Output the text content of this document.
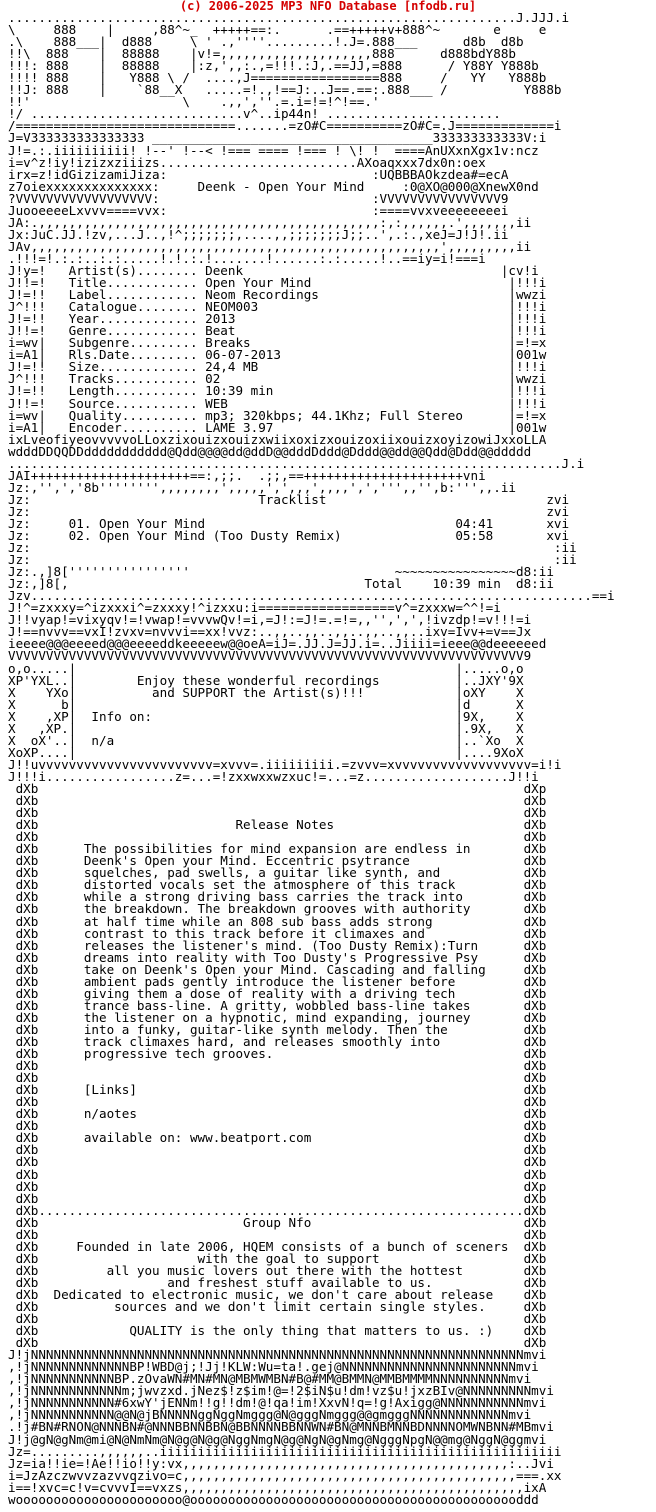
(c) 2006-2025 MP3 NFO Database [nfodb.ru]
...................................................................J.JJJ.i
\     888    |     ,88^~_  +++++==:.      .==+++++v+888^~       e     e
.\    888___|  d888     \ ' .,''''.........!.J=.888___      d8b  d8b
!!\  888    |  88888    |v!=,,,,,,,,,,,,,,,,,,,,888      d888bdY88b
!!!: 888    |  88888    |:z,',,:.,=!!!.:J,.==JJ,=888      / Y88Y Y888b
!!!! 888    |   Y888 \ /  ....,J=================888     /   YY   Y888b
!!J: 888    |    `88__X   .....=!.,!==J:..J==.==:.888___ /          Y888b
!!'                    \    .,,',''.=.i=!=!^!==.'
!/ ............................v^..ip44n! .......................
/=============================.......=zO#C==========zO#C=.J=============i
J=V333333333333333 _____________________________________333333333333V:i
J!=.:.iiiiiiiiii! !--' !--< !=== ==== !=== ! \! !  ====AnUXxnXgx1v:ncz
i=v^z!iy!izizxziiizs..........................AXoaqxxx7dx0n:oex
irx=z!idGizizamiJiza:                           :UQBBBAOkzdea#=ecA
z7oiexxxxxxxxxxxxxx:     Deenk - Open Your Mind     :0@XO@000@XnewX0nd
?VVVVVVVVVVVVVVVVVV:                            :VVVVVVVVVVVVVVVV9
JuooeeeeLxvvv====vvx:                           :====vvxveeeeeeeei
JA:.,,,,,,,,,,,,,,,,,,,,,,,,,,,,,,,,,,,,,,,,,,,,,:,:,,,,,,.',,,,,,,ii
Jx:JuC.JJ.!zv,...J..,!^;;;;;;;,....,,;;;;;;;J;;..',.:.,xeJ=J!J!.ii
JAv,,,,,,,,,,,,,,,,,,,,,,,,,,,,,,,,,,,,,,,,,,,,,,,,,,,,,,',,,,,,,,,ii
.!!!=!.:.:..:.:.....!.!.:.!.......!......:.:.....!..==iy=i!===i
J!y=!   Artist(s)........ Deenk                                  |cv!i
J!!=!   Title............ Open Your Mind                          |!!!i
J!=!!   Label............ Neom Recordings                         |wwzi
J^!!!   Catalogue........ NEOM003                                 |!!!i
J!=!!   Year............. 2013                                    |!!!i
J!!=!   Genre............ Beat                                    |!!!i
i=wv|   Subgenre......... Breaks                                  |=!=x
i=A1|   Rls.Date......... 06-07-2013                              |001w
J!=!!   Size............. 24,4 MB                                 |!!!i
J^!!!   Tracks........... 02                                      |wwzi
J!=!!   Length........... 10:39 min                               |!!!i
J!!=!   Source........... WEB                                     |!!!i
i=wv|   Quality.......... mp3; 320kbps; 44.1Khz; Full Stereo      |=!=x
i=A1|   Encoder.......... LAME 3.97                               |001w
ixLveofiyeovvvvvoLLoxzixouizxouizxwiixoxizxouizoxiixouizxoyizowiJxxoLLA
wdddDDQQDDddddddddddd@Qdd@@@@dd@ddD@@dddDddd@Dddd@@dd@@Qdd@Ddd@@ddddd
.........................................................................J.i
JAI+++++++++++++++++++++==:,;;.  .;;,==+++++++++++++++++++++vni
Jz:,'',','8b'''''''',,,,,,,,',,,,,',',,,',,,,',',''',,'',b:''',,.ii
Jz:                              Tracklist                             zvi
Jz:                                                                    zvi
Jz:     01. Open Your Mind                                 04:41       xvi
Jz:     02. Open Your Mind (Too Dusty Remix)               05:58       xvi
Jz:                                                                     :ii
Jz:                                                                     :ii
Jz:.,]8[''''''''''''''''                           ~~~~~~~~~~~~~~~~d8:ii
Jz:,]8[,                                       Total    10:39 min  d8:ii
Jzv..........................................................................==i
J!^=zxxxy=^izxxxi^=zxxxy!^izxxu:i==================v^=zxxxw=^^!=i
J!!vyap!=vixyqv!=!vwap!=vvvwQv!=i,=J!:=J!=.=!=,,'',',',!ivzdp!=v!!!=i
J!==nvvv==vxI!zvxv=nvvvi==xx!vvz:..,,..,,..,,..,,..,,..ixv=Ivv+=v==Jx
ieeee@@@eeeed@@@eeeeddkeeeeew@@oeA=iJ=.JJ.J=JJ.i=..Jiiii=ieee@@deeeeeed
VVVVVVVVVVVVVVVVVVVVVVVVVVVVVVVVVVVVVVVVVVVVVVVVVVVVVVVVVVVVVVVVVVVV9
o,o.....|                                                  |.....o,o
XP'YXL..|        Enjoy these wonderful recordings          |..JXY'9X
X    YXo|          and SUPPORT the Artist(s)!!!            |oXY    X
X      b|                                                  |d      X
X    ,XP|  Info on:                                        |9X,    X
X   ,XP.|                                                  |.9X,   X
X  oX'..|  n/a                                             |..`Xo  X
XoXP....|                                                  |....9XoX
J!!uvvvvvvvvvvvvvvvvvvvvvvv=xvvv=.iiiiiiiii.=zvvv=xvvvvvvvvvvvvvvvvvv=i!i
J!!!i.................z=...=!zxxwxxwzxuc!=...=z...................J!!i
dXb                                                                dXp
dXb                                                                dXb
dXb                                                                dXb
dXb                          Release Notes                         dXb
dXb                                                                dXb
dXb      The possibilities for mind expansion are endless in       dXb
dXb      Deenk's Open your Mind. Eccentric psytrance               dXb
dXb      squelches, pad swells, a guitar like synth, and           dXb
dXb      distorted vocals set the atmosphere of this track         dXb
dXb      while a strong driving bass carries the track into        dXb
dXb      the breakdown. The breakdown grooves with authority       dXb
dXb      at half time while an 808 sub bass adds strong            dXb
dXb      contrast to this track before it climaxes and             dXb
dXb      releases the listener's mind. (Too Dusty Remix):Turn      dXb
dXb      dreams into reality with Too Dusty's Progressive Psy      dXb
dXb      take on Deenk's Open your Mind. Cascading and falling     dXb
dXb      ambient pads gently introduce the listener before         dXb
dXb      giving them a dose of reality with a driving tech         dXb
dXb      trance bass-line. A gritty, wobbled bass-line takes       dXb
dXb      the listener on a hypnotic, mind expanding, journey       dXb
dXb      into a funky, guitar-like synth melody. Then the          dXb
dXb      track climaxes hard, and releases smoothly into           dXb
dXb      progressive tech grooves.                                 dXb
dXb                                                                dXb
dXb                                                                dXb
dXb      [Links]                                                   dXb
dXb                                                                dXb
dXb      n/aotes                                                   dXb
dXb                                                                dXb
dXb      available on: www.beatport.com                            dXb
dXb                                                                dXb
dXb                                                                dXb
dXb                                                                dXb
dXb                                                                dXp
dXb                                                                dXb
dXb................................................................dXb
dXb                           Group Nfo                            dXb
dXb                                                                dXb
dXb     Founded in late 2006, HQEM consists of a bunch of sceners  dXb
dXb                     with the goal to support                   dXb
dXb         all you music lovers out there with the hottest        dXb
dXb                 and freshest stuff available to us.            dXb
dXb  Dedicated to electronic music, we don't care about release    dXb
dXb          sources and we don't limit certain single styles.     dXb
dXb                                                                dXb
dXb            QUALITY is the only thing that matters to us. :)    dXb
dXb                                                                dXb
J!jNNNNNNNNNNNNNNNNNNNNNNNNNNNNNNNNNNNNNNNNNNNNNNNNNNNNNNNNNNNNNNNNNmvi
,!jNNNNNNNNNNNNNBP!WBD@j;!Jj!KLW:Wu=ta!.gej@NNNNNNNNNNNNNNNNNNNNNNNmvi
,!jNNNNNNNNNNNBP.zOvaWN#MN#MN@MBMWMBN#B@#MM@BMMN@MMBMMMMNNNNNNNNNNmvi
,!jNNNNNNNNNNNNm;jwvzxd.jNez$!z$im!@=!2$iN$u!dm!vz$u!jxzBIv@NNNNNNNNNmvi
,!jNNNNNNNNNNN#6xwY'jENNm!!g!!dm!@!qa!im!XxvN!q=!g!Axigg@NNNNNNNNNNNmvi
,!jNNNNNNNNNNN@@N@jBNNNNNggNggNmggg@N@gggNmggg@@gmgggNNNNNNNNNNNNNmvi
.!j#BN#RNON@NNNBN#@NNNBBNNBBN@BBNNNNBBNNWN#BN@MNNBMNNBDNNNNOMWNBNN#MBmvi
J!j@gN@gNm@mi@N@NmNm@N@g@N@g@NggNmgN@g@NgN@gNmg@NgggNpgN@@mg@NggN@ggmvi
Jz=.........,,,,,,..iiiiiiiiiiiiiiiiiiiiiiiiiiiiiiiiiiiiiiiiiiiiiiiiiiiii
Jz=ia!!ie=!Ae!!io!!y:vx,,,,,,,,,,,,,,,,,,,,,,,,,,,,,,,,,,,,,,,,,,,:..Jvi
i=JzAzczwvvzazvvqzivo=c,,,,,,,,,,,,,,,,,,,,,,,,,,,,,,,,,,,,,,,,,,,,===.xx
i==!xvc=c!v=cvvvI==vxzs,,,,,,,,,,,,,,,,,,,,,,,,,,,,,,,,,,,,,,,,,,,,,ixA
woooooooooooooooooooooo@oooooooooooooooooooooooooooooooooooooooooooddd
